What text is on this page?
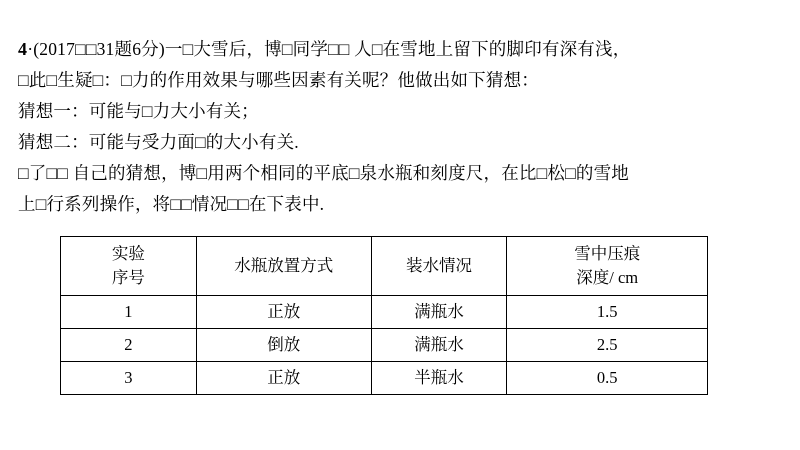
4·(2017□□31题6分)一□大雪后，博□同学□□ 人□在雪地上留下的脚印有深有浅，

□此□生疑□：□力的作用效果与哪些因素有关呢？他做出如下猜想：

猜想一：可能与□力大小有关；

猜想二：可能与受力面□的大小有关.

□了□□ 自己的猜想，博□用两个相同的平底□泉水瓶和刻度尺，在比□松□的雪地

上□行系列操作，将□□情况□□在下表中.

实验
序号	水瓶放置方式	装水情况	雪中压痕
深度/ cm

1	正放	满瓶水	1.5
2	倒放	满瓶水	2.5
3	正放	半瓶水	0.5
